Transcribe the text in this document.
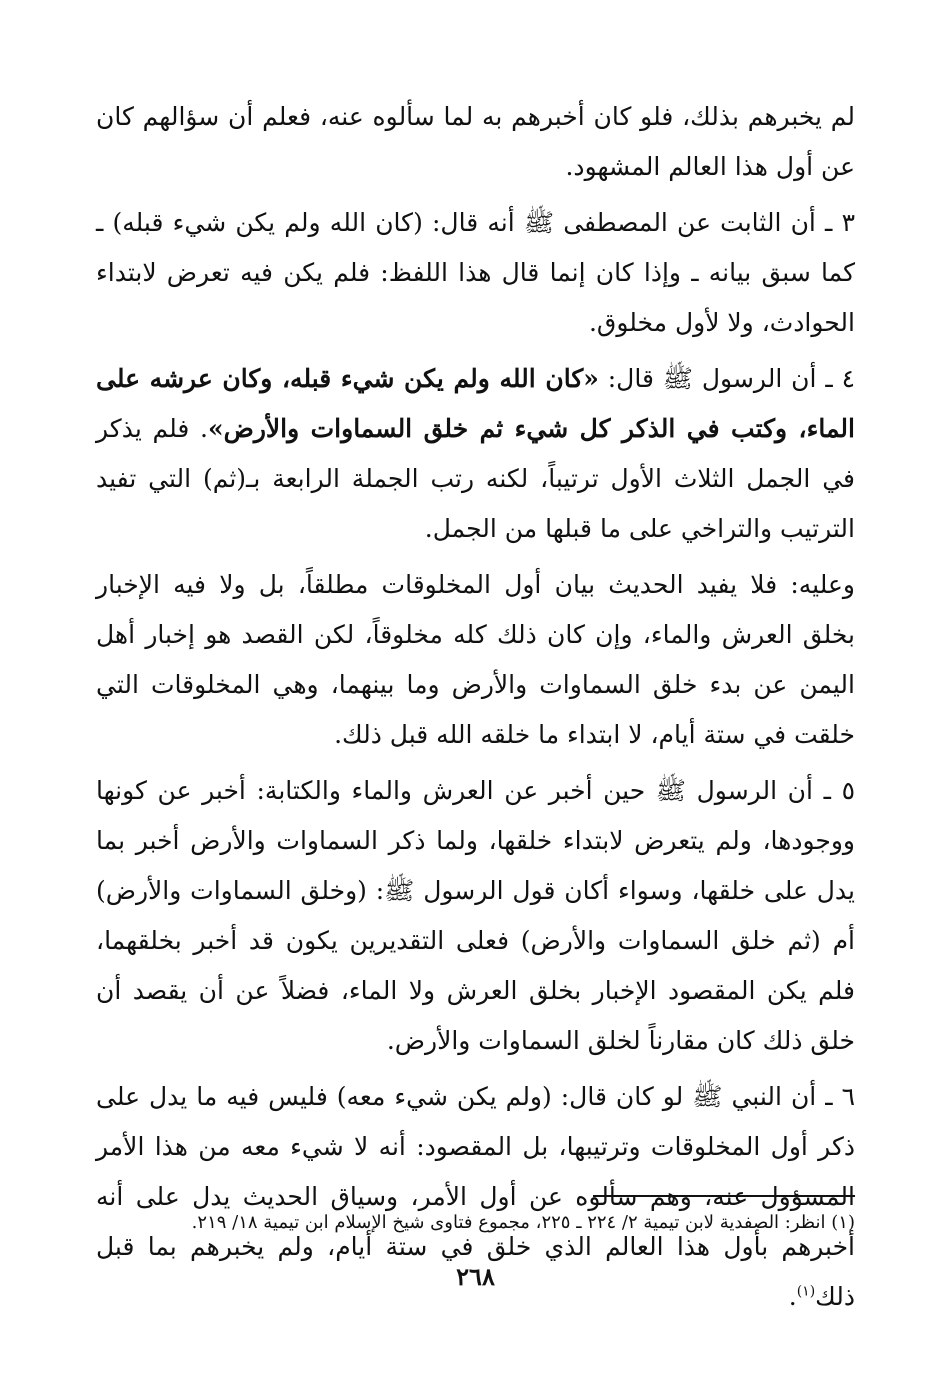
لم يخبرهم بذلك، فلو كان أخبرهم به لما سألوه عنه، فعلم أن سؤالهم كان عن أول هذا العالم المشهود.

٣ ـ أن الثابت عن المصطفى ﷺ أنه قال: (كان الله ولم يكن شيء قبله) ـ كما سبق بيانه ـ وإذا كان إنما قال هذا اللفظ: فلم يكن فيه تعرض لابتداء الحوادث، ولا لأول مخلوق.

٤ ـ أن الرسول ﷺ قال: «كان الله ولم يكن شيء قبله، وكان عرشه على الماء، وكتب في الذكر كل شيء ثم خلق السماوات والأرض». فلم يذكر في الجمل الثلاث الأول ترتيباً، لكنه رتب الجملة الرابعة بـ(ثم) التي تفيد الترتيب والتراخي على ما قبلها من الجمل.

وعليه: فلا يفيد الحديث بيان أول المخلوقات مطلقاً، بل ولا فيه الإخبار بخلق العرش والماء، وإن كان ذلك كله مخلوقاً، لكن القصد هو إخبار أهل اليمن عن بدء خلق السماوات والأرض وما بينهما، وهي المخلوقات التي خلقت في ستة أيام، لا ابتداء ما خلقه الله قبل ذلك.

٥ ـ أن الرسول ﷺ حين أخبر عن العرش والماء والكتابة: أخبر عن كونها ووجودها، ولم يتعرض لابتداء خلقها، ولما ذكر السماوات والأرض أخبر بما يدل على خلقها، وسواء أكان قول الرسول ﷺ: (وخلق السماوات والأرض) أم (ثم خلق السماوات والأرض) فعلى التقديرين يكون قد أخبر بخلقهما، فلم يكن المقصود الإخبار بخلق العرش ولا الماء، فضلاً عن أن يقصد أن خلق ذلك كان مقارناً لخلق السماوات والأرض.

٦ ـ أن النبي ﷺ لو كان قال: (ولم يكن شيء معه) فليس فيه ما يدل على ذكر أول المخلوقات وترتيبها، بل المقصود: أنه لا شيء معه من هذا الأمر المسؤول عنه، وهم سألوه عن أول الأمر، وسياق الحديث يدل على أنه أخبرهم بأول هذا العالم الذي خلق في ستة أيام، ولم يخبرهم بما قبل ذلك$^{(١)}$.

(١) انظر: الصفدية لابن تيمية ٢/ ٢٢٤ ـ ٢٢٥، مجموع فتاوى شيخ الإسلام ابن تيمية ١٨/ ٢١٩.
٢٦٨
